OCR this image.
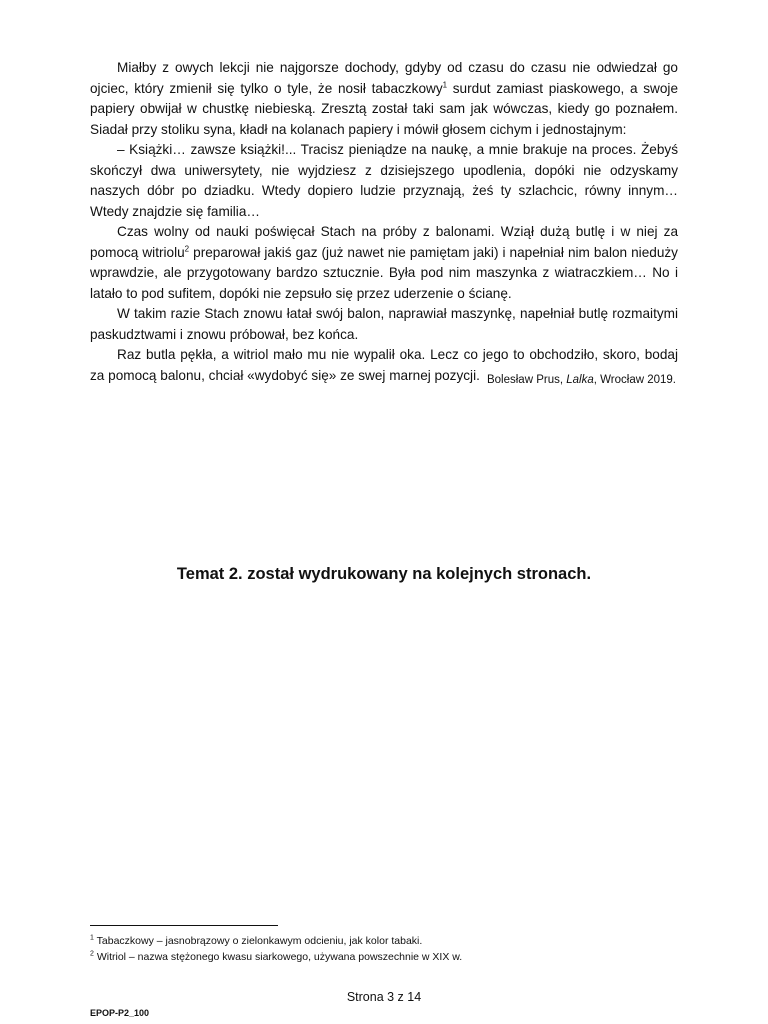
Miałby z owych lekcji nie najgorsze dochody, gdyby od czasu do czasu nie odwiedzał go ojciec, który zmienił się tylko o tyle, że nosił tabaczkowy$^1$ surdut zamiast piaskowego, a swoje papiery obwijał w chustkę niebieską. Zresztą został taki sam jak wówczas, kiedy go poznałem. Siadał przy stoliku syna, kładł na kolanach papiery i mówił głosem cichym i jednostajnym:

– Książki… zawsze książki!... Tracisz pieniądze na naukę, a mnie brakuje na proces. Żebyś skończył dwa uniwersytety, nie wyjdziesz z dzisiejszego upodlenia, dopóki nie odzyskamy naszych dóbr po dziadku. Wtedy dopiero ludzie przyznają, żeś ty szlachcic, równy innym… Wtedy znajdzie się familia…

Czas wolny od nauki poświęcał Stach na próby z balonami. Wziął dużą butlę i w niej za pomocą witriolu$^2$ preparował jakiś gaz (już nawet nie pamiętam jaki) i napełniał nim balon nieduży wprawdzie, ale przygotowany bardzo sztucznie. Była pod nim maszynka z wiatraczkiem… No i latało to pod sufitem, dopóki nie zepsuło się przez uderzenie o ścianę.

W takim razie Stach znowu łatał swój balon, naprawiał maszynkę, napełniał butlę rozmaitymi paskudztwami i znowu próbował, bez końca.

Raz butla pękła, a witriol mało mu nie wypalił oka. Lecz co jego to obchodziło, skoro, bodaj za pomocą balonu, chciał «wydobyć się» ze swej marnej pozycji. Bolesław Prus, Lalka, Wrocław 2019.
Temat 2. został wydrukowany na kolejnych stronach.

$^1$ Tabaczkowy – jasnobrązowy o zielonkawym odcieniu, jak kolor tabaki.

$^2$ Witriol – nazwa stężonego kwasu siarkowego, używana powszechnie w XIX w.

Strona 3 z 14
EPOP-P2_100
